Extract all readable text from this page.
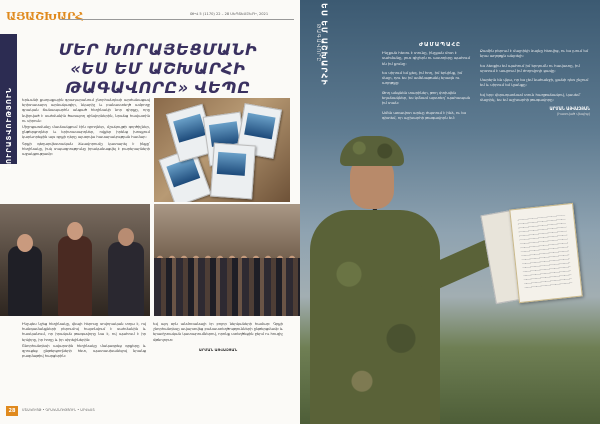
ԱՅԱՇԽԱՐՀ	ԹԻՎ 5 (1170) 22 – 28 ՍԵՊՏԵՄԲԵՐԻ, 2021
ԼՈՒՐԱՏՎՈՒԹՅՈՒՆ
ՄԵՐ ԽՈՐԱՅԵՑՄԱՆԻ
«ԵՍ ԵՄ ԱՇԽԱՐՀԻ ԹԱԳԱՎՈՐԸ» ՎԵՊԸ

Երևանի քաղաքային գրադարանում շնորհանդեսի արժանացավ երիտասարդ արձակագիր, նկարիչ և բանաստեղծ ամբողջ գրական ճանապարհն անցած հեղինակի նոր գիրքը, որը նվիրված է սահմանին ծառայող զինվորներին, նրանց հավատին ու սիրուն:

Միջոցառմանը մասնակցում էին գրողներ, մշակույթի գործիչներ, ընթերցողներ և երիտասարդներ, ովքեր իրենց խոսքում կարևորեցին այս գրքի դերը այսօրվա հասարակության համար:

Գրքի գեղարվեստական ձևավորումը կատարել է ինքը՝ հեղինակը, իսկ տպագրությունը իրականացվել է բարերարների աջակցությամբ:

Ինչպես նշեց հեղինակը, վեպի հերոսը սովորական տղա է, ով հանգամանքների բերումով հայտնվում է սահմանին և հասկանում, որ իրական թագավորը նա է, ով պահում է իր երկիրը, իր հողը և իր սիրելիներին:

Շնորհանդեսի ավարտին հեղինակը մակագրեց գրքերը և զրուցեց ընթերցողների հետ, պատասխանելով նրանց բազմաթիվ հարցերին:

Եվ այդ օրն անմոռանալի էր բոլոր ներկաների համար: Գրքի շնորհանդեսը ավարտվեց բանաստեղծությունների ընթերցմամբ և երաժշտական կատարումներով, որոնք ստեղծեցին ջերմ ու հուզիչ մթնոլորտ:

ԱՐՄԱՆ ԱՅՎԱԶՅԱՆ
28	ՄՇԱԿՈՒՅԹ • ԳՐԱԿԱՆՈՒԹՅՈՒՆ • ԱՐՎԵՍՏ
ԵՍ ԵՄ ԱՇԽԱՐՀԻ
ԹԱԳԱՎՈՐԸ	ԺԱՄԱՊԱՀԸ

Ինչքան հեռու է տունը, ինչքան մոտ է սահմանը, լուռ գիշերն ու աստղերը պահում են իմ քունը:

Ես սիրում եմ քեզ, իմ հող, իմ երկինք, իմ մայր, դու ես իմ ամենաթանկ երազն ու աղոթքը:

Թող անցնեն տարիներ, թող փոխվեն եղանակներ, ես կմնամ այստեղ՝ պահապան իմ տան:

Ամեն առավոտ արևը ժպտում է ինձ, ու ես գիտեմ, որ աշխարհի թագավորն եմ:

Քամին բերում է մայրիկի ձայնը հեռվից, ու ես լսում եմ նրա աղոթքն անլռելի:

Ես ձեռքիս եմ պահում իմ երդումն ու հավատը, իմ սրտում է ապրում իմ ժողովրդի ցավը:

Սարերն են վկա, որ ես չեմ նահանջի, քանի դեռ շնչում եմ և սիրում եմ կյանքը:

Եվ երբ վերադառնամ տուն հաղթանակով, կասեմ՝ մայրիկ, ես եմ աշխարհի թագավորը:

ԱՐՄԱՆ ԱՅՎԱԶՅԱՆ
(հատված վեպից)
